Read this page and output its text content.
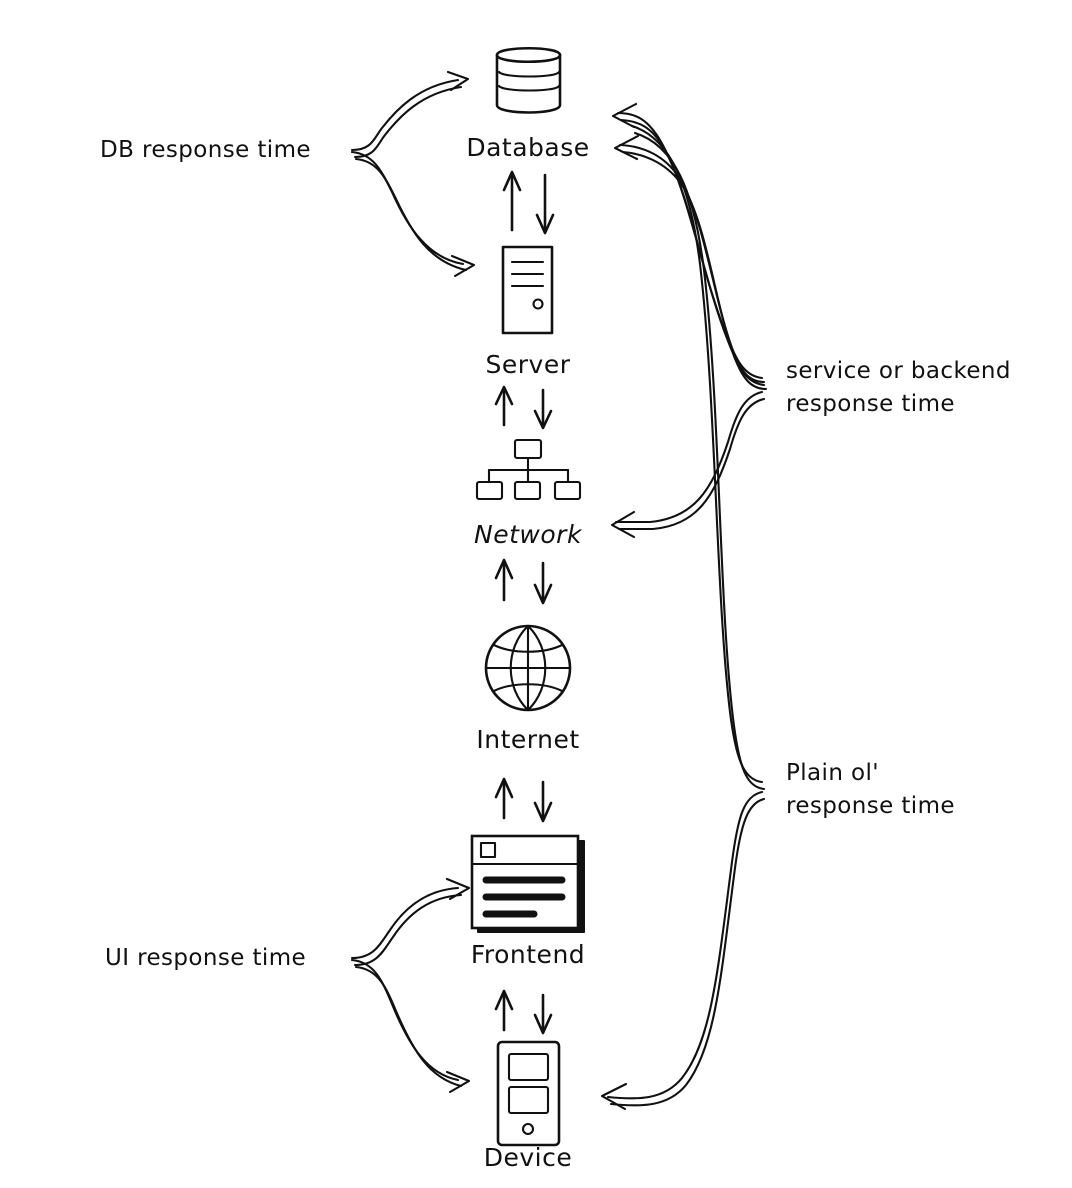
Database
Server
Network
Internet
Frontend
Device
DB response time
service or backend
response time
Plain ol'
response time
UI response time
